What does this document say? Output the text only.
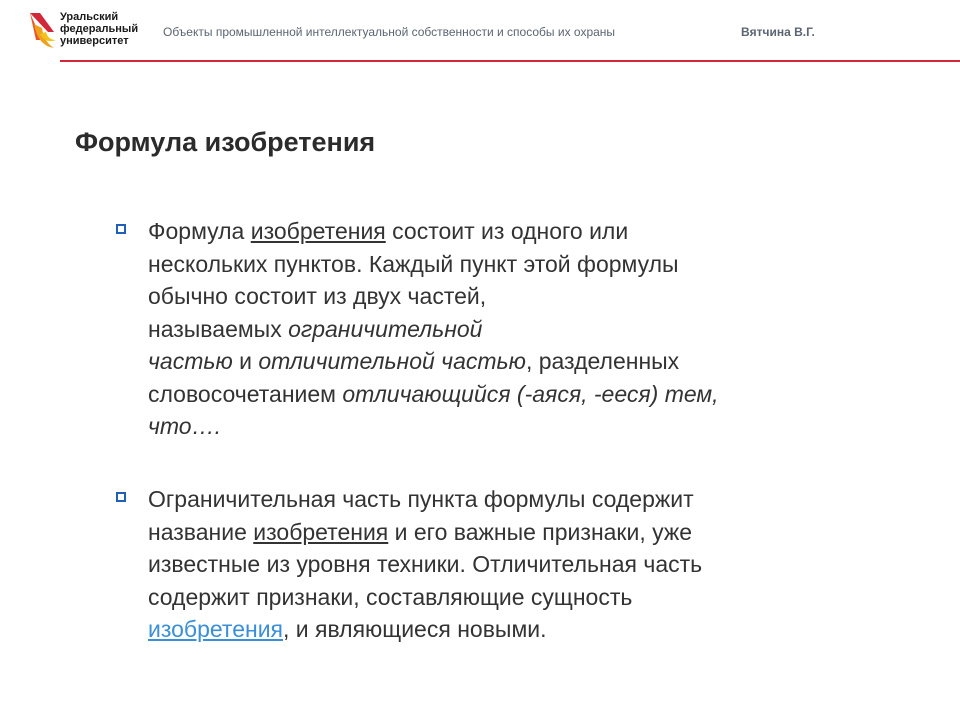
Уральский
федеральный
университет
Объекты промышленной интеллектуальной собственности и способы их охраны	Вятчина В.Г.
Формула изобретения
Формула изобретения состоит из одного или
нескольких пунктов. Каждый пункт этой формулы
обычно состоит из двух частей,
называемых ограничительной
частью и отличительной частью, разделенных
словосочетанием отличающийся (-аяся, -ееся) тем,
что….
Ограничительная часть пункта формулы содержит
название изобретения и его важные признаки, уже
известные из уровня техники. Отличительная часть
содержит признаки, составляющие сущность
изобретения, и являющиеся новыми.
